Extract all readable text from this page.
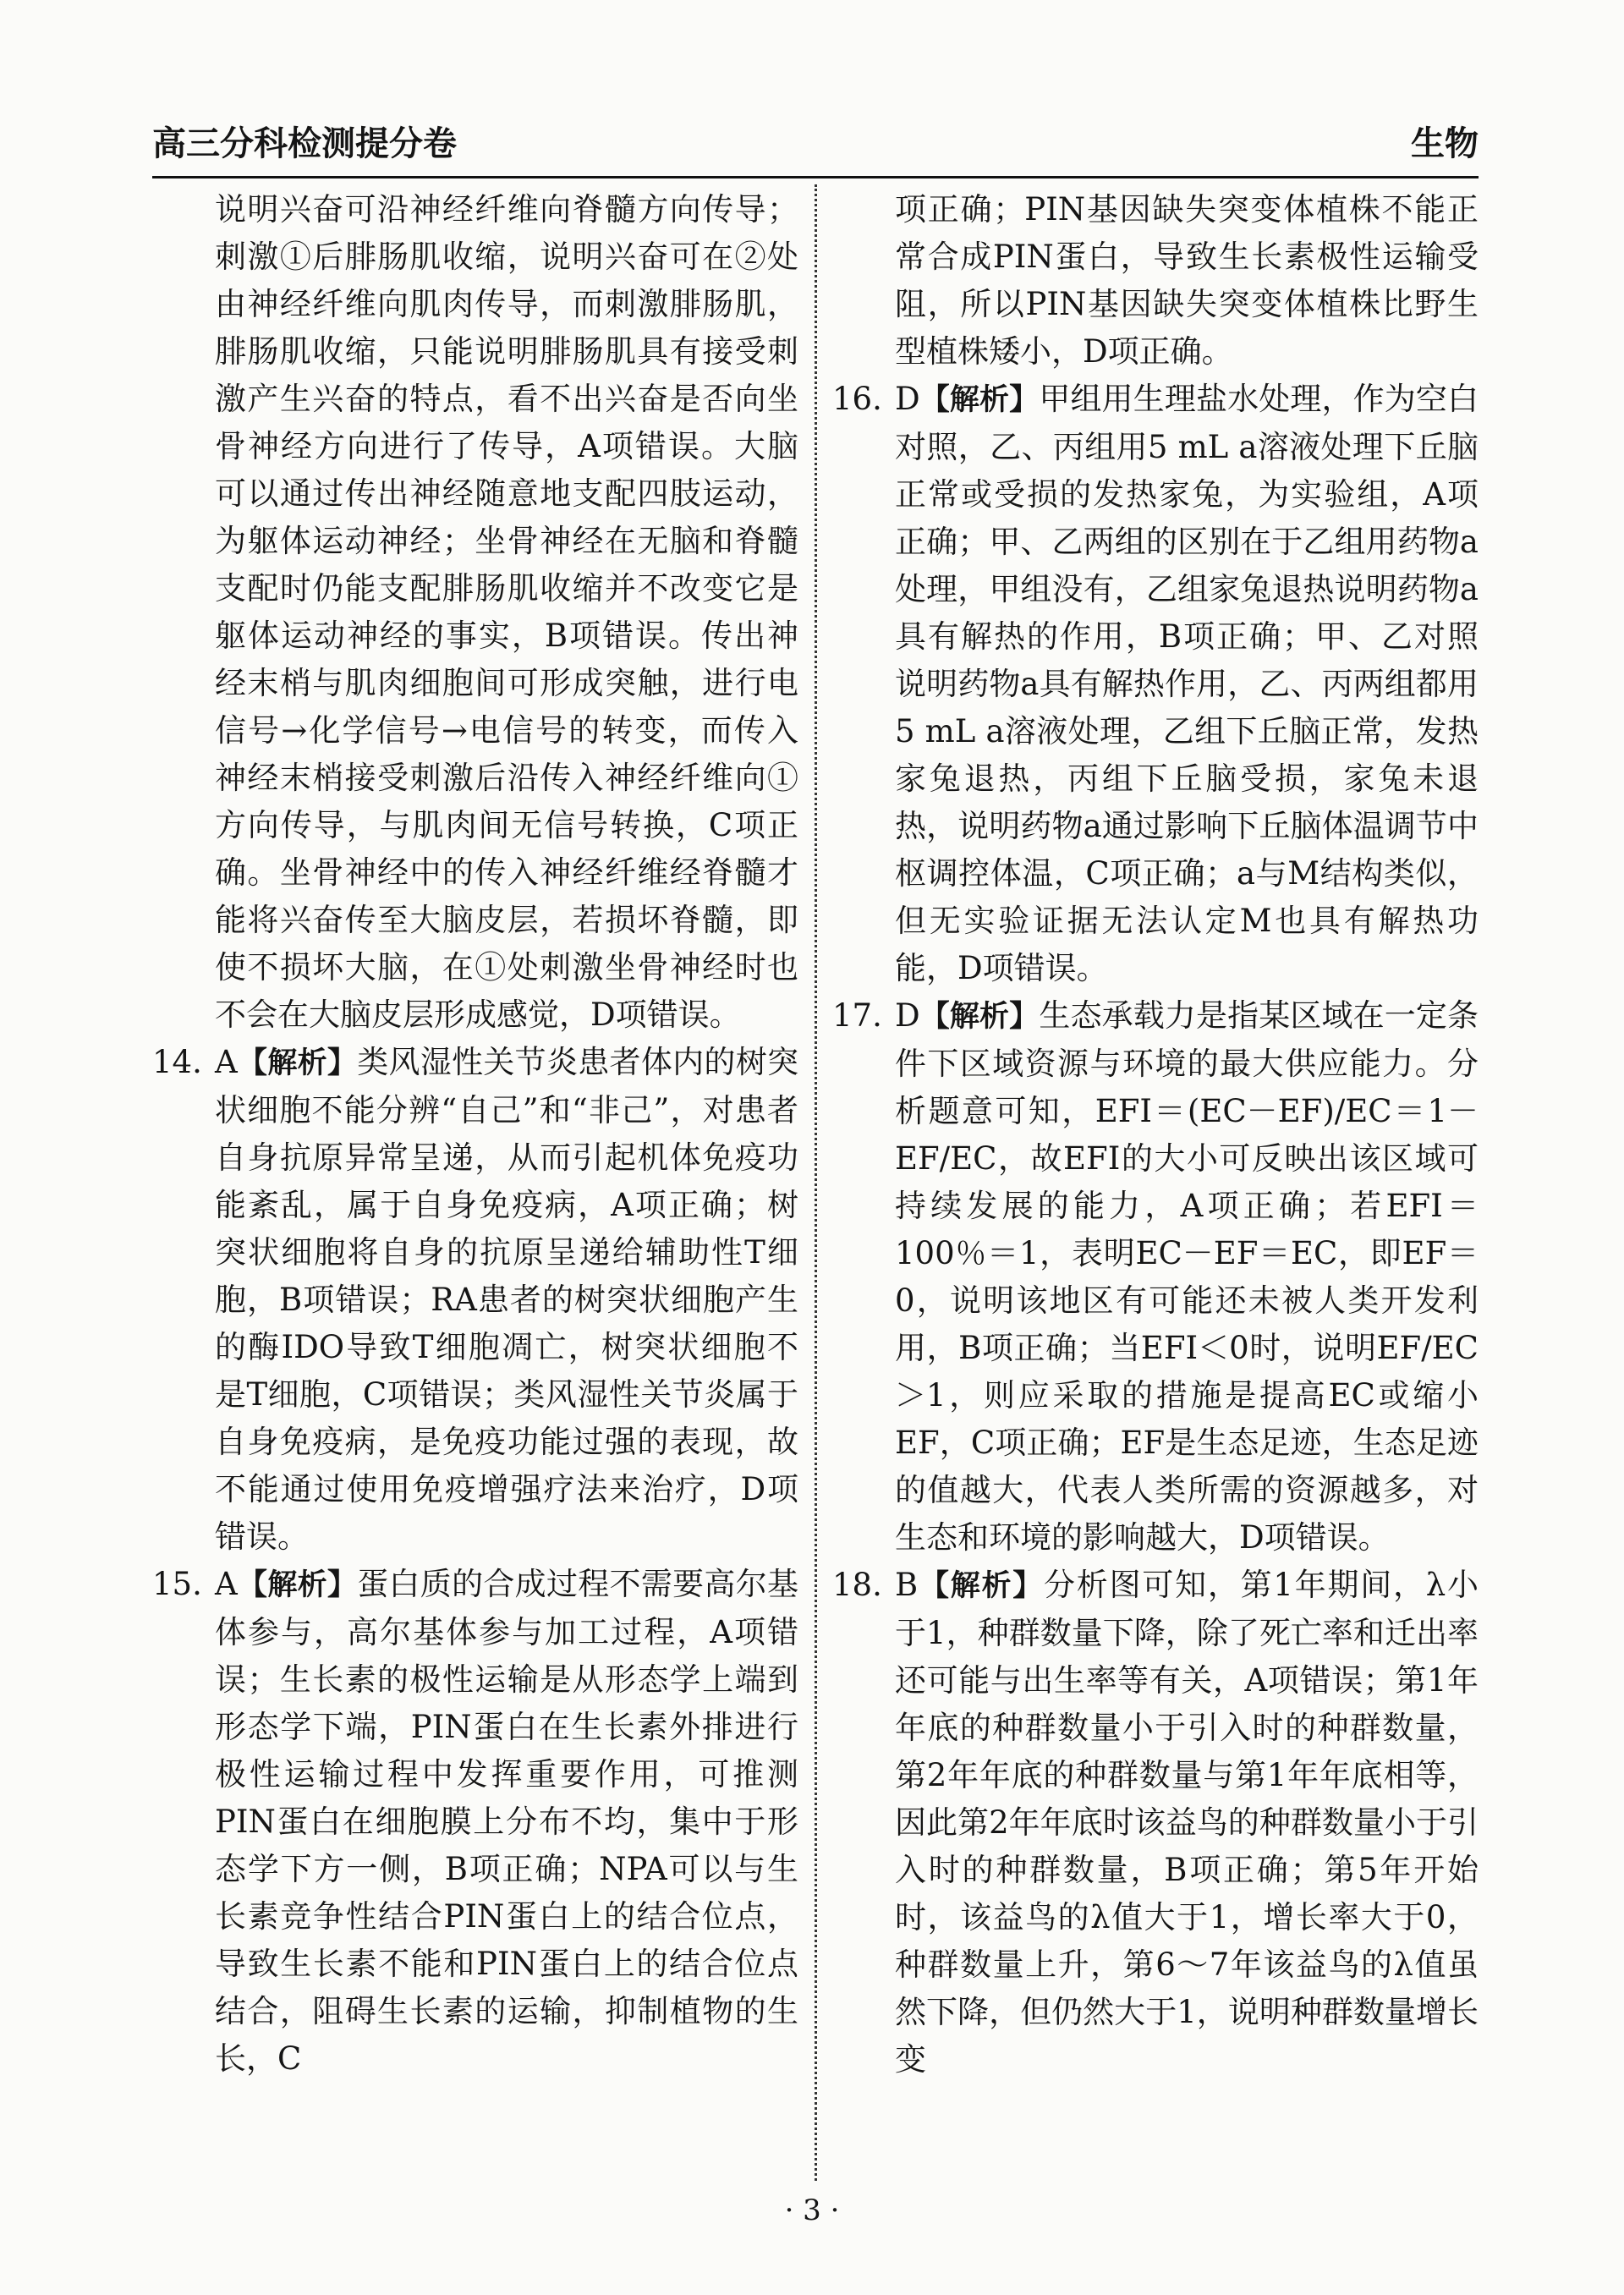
高三分科检测提分卷	生物

说明兴奋可沿神经纤维向脊髓方向传导；刺激①后腓肠肌收缩，说明兴奋可在②处由神经纤维向肌肉传导，而刺激腓肠肌，腓肠肌收缩，只能说明腓肠肌具有接受刺激产生兴奋的特点，看不出兴奋是否向坐骨神经方向进行了传导，A项错误。大脑可以通过传出神经随意地支配四肢运动，为躯体运动神经；坐骨神经在无脑和脊髓支配时仍能支配腓肠肌收缩并不改变它是躯体运动神经的事实，B项错误。传出神经末梢与肌肉细胞间可形成突触，进行电信号→化学信号→电信号的转变，而传入神经末梢接受刺激后沿传入神经纤维向①方向传导，与肌肉间无信号转换，C项正确。坐骨神经中的传入神经纤维经脊髓才能将兴奋传至大脑皮层，若损坏脊髓，即使不损坏大脑，在①处刺激坐骨神经时也不会在大脑皮层形成感觉，D项错误。

14. A【解析】类风湿性关节炎患者体内的树突状细胞不能分辨“自己”和“非己”，对患者自身抗原异常呈递，从而引起机体免疫功能紊乱，属于自身免疫病，A项正确；树突状细胞将自身的抗原呈递给辅助性T细胞，B项错误；RA患者的树突状细胞产生的酶IDO导致T细胞凋亡，树突状细胞不是T细胞，C项错误；类风湿性关节炎属于自身免疫病，是免疫功能过强的表现，故不能通过使用免疫增强疗法来治疗，D项错误。

15. A【解析】蛋白质的合成过程不需要高尔基体参与，高尔基体参与加工过程，A项错误；生长素的极性运输是从形态学上端到形态学下端，PIN蛋白在生长素外排进行极性运输过程中发挥重要作用，可推测PIN蛋白在细胞膜上分布不均，集中于形态学下方一侧，B项正确；NPA可以与生长素竞争性结合PIN蛋白上的结合位点，导致生长素不能和PIN蛋白上的结合位点结合，阻碍生长素的运输，抑制植物的生长，C

项正确；PIN基因缺失突变体植株不能正常合成PIN蛋白，导致生长素极性运输受阻，所以PIN基因缺失突变体植株比野生型植株矮小，D项正确。

16. D【解析】甲组用生理盐水处理，作为空白对照，乙、丙组用5 mL a溶液处理下丘脑正常或受损的发热家兔，为实验组，A项正确；甲、乙两组的区别在于乙组用药物a处理，甲组没有，乙组家兔退热说明药物a具有解热的作用，B项正确；甲、乙对照说明药物a具有解热作用，乙、丙两组都用5 mL a溶液处理，乙组下丘脑正常，发热家兔退热，丙组下丘脑受损，家兔未退热，说明药物a通过影响下丘脑体温调节中枢调控体温，C项正确；a与M结构类似，但无实验证据无法认定M也具有解热功能，D项错误。

17. D【解析】生态承载力是指某区域在一定条件下区域资源与环境的最大供应能力。分析题意可知，EFI＝(EC－EF)/EC＝1－EF/EC，故EFI的大小可反映出该区域可持续发展的能力，A项正确；若EFI＝100％＝1，表明EC－EF＝EC，即EF＝0，说明该地区有可能还未被人类开发利用，B项正确；当EFI＜0时，说明EF/EC＞1，则应采取的措施是提高EC或缩小EF，C项正确；EF是生态足迹，生态足迹的值越大，代表人类所需的资源越多，对生态和环境的影响越大，D项错误。

18. B【解析】分析图可知，第1年期间，λ小于1，种群数量下降，除了死亡率和迁出率还可能与出生率等有关，A项错误；第1年年底的种群数量小于引入时的种群数量，第2年年底的种群数量与第1年年底相等，因此第2年年底时该益鸟的种群数量小于引入时的种群数量，B项正确；第5年开始时，该益鸟的λ值大于1，增长率大于0，种群数量上升，第6～7年该益鸟的λ值虽然下降，但仍然大于1，说明种群数量增长变

· 3 ·
